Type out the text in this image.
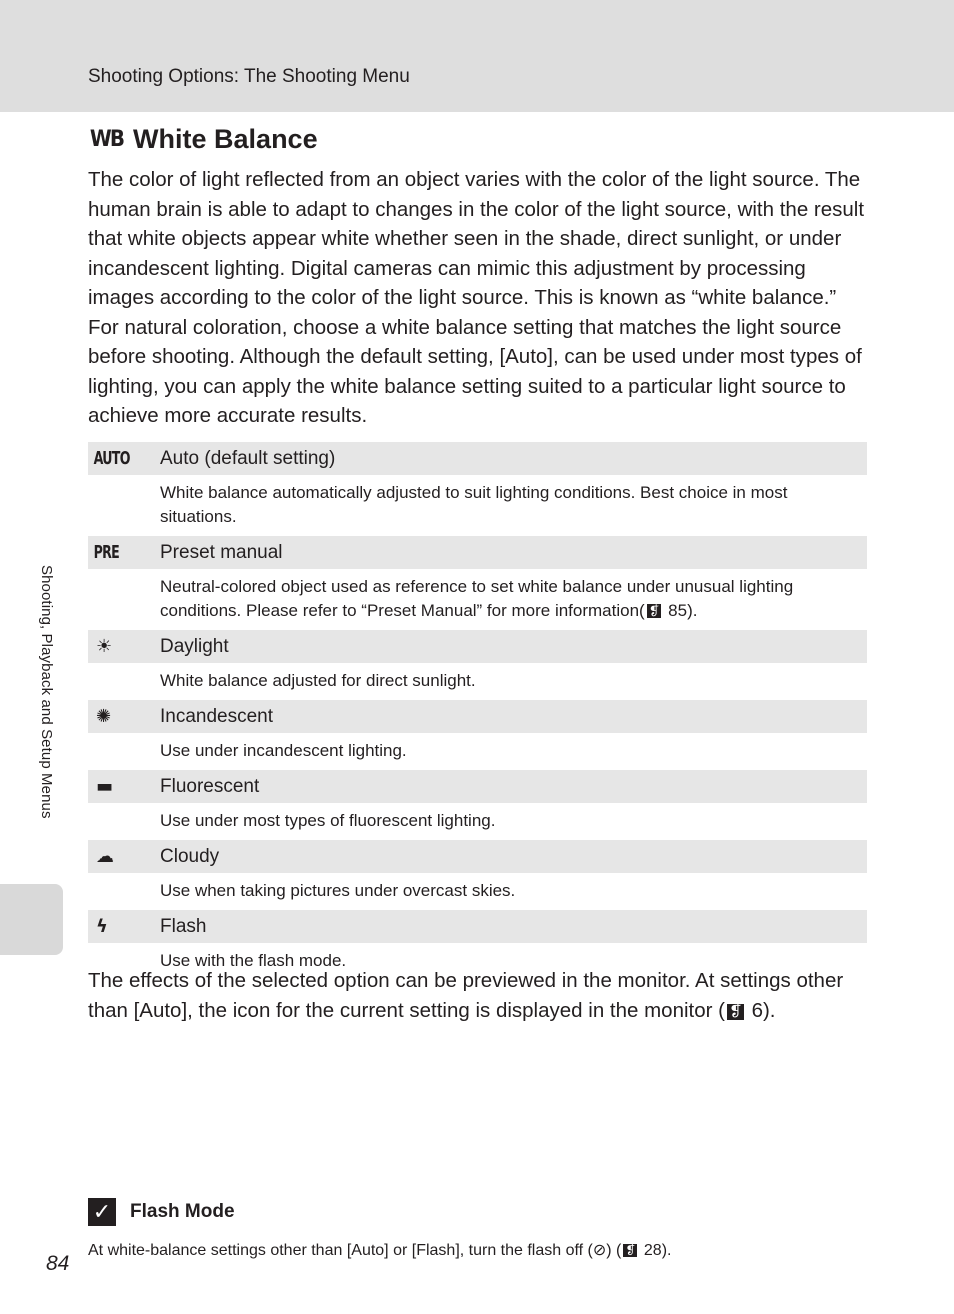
Shooting Options: The Shooting Menu
Shooting, Playback and Setup Menus
WB White Balance

The color of light reflected from an object varies with the color of the light source. The human brain is able to adapt to changes in the color of the light source, with the result that white objects appear white whether seen in the shade, direct sunlight, or under incandescent lighting. Digital cameras can mimic this adjustment by processing images according to the color of the light source. This is known as “white balance.” For natural coloration, choose a white balance setting that matches the light source before shooting. Although the default setting, [Auto], can be used under most types of lighting, you can apply the white balance setting suited to a particular light source to achieve more accurate results.

AUTO	Auto (default setting)
White balance automatically adjusted to suit lighting conditions. Best choice in most situations.
PRE	Preset manual
Neutral-colored object used as reference to set white balance under unusual lighting conditions. Please refer to “Preset Manual” for more information( ❡ 85).
☀	Daylight
White balance adjusted for direct sunlight.
✺	Incandescent
Use under incandescent lighting.
▬	Fluorescent
Use under most types of fluorescent lighting.
☁	Cloudy
Use when taking pictures under overcast skies.
ϟ	Flash
Use with the flash mode.

The effects of the selected option can be previewed in the monitor. At settings other than [Auto], the icon for the current setting is displayed in the monitor ( ❡ 6).

✓ Flash Mode
At white-balance settings other than [Auto] or [Flash], turn the flash off (⊘) ( ❡ 28).
84
